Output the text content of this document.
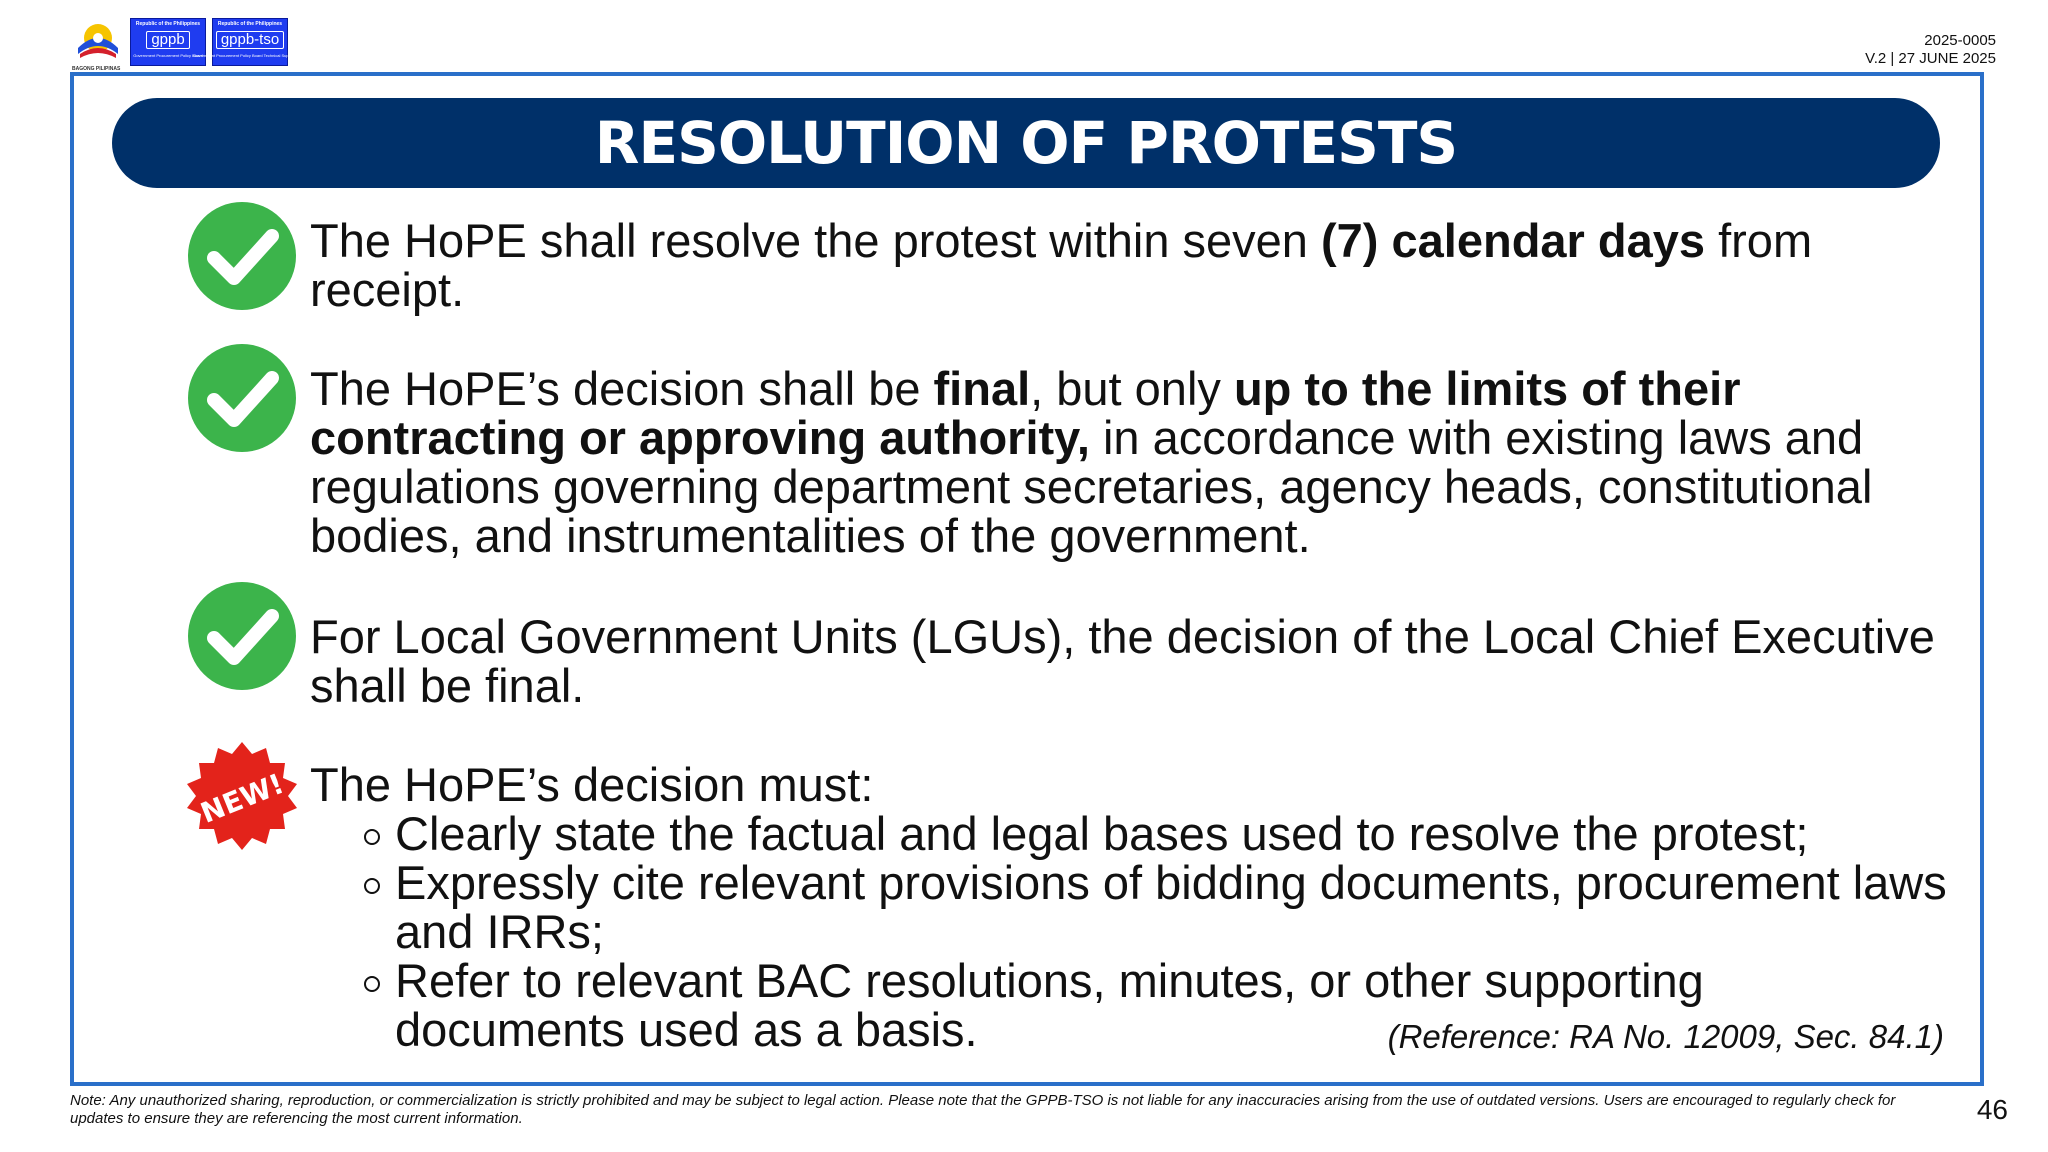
BAGONG PILIPINAS
Republic of the Philippines
gppb
Government Procurement Policy Board
Republic of the Philippines
gppb-tso
Government Procurement Policy Board Technical Support Office
2025-0005
V.2 | 27 JUNE 2025
RESOLUTION OF PROTESTS
The HoPE shall resolve the protest within seven (7) calendar days from receipt.
The HoPE’s decision shall be final, but only up to the limits of their contracting or approving authority, in accordance with existing laws and regulations governing department secretaries, agency heads, constitutional bodies, and instrumentalities of the government.
For Local Government Units (LGUs), the decision of the Local Chief Executive shall be final.
NEW! The HoPE’s decision must:
Clearly state the factual and legal bases used to resolve the protest;
Expressly cite relevant provisions of bidding documents, procurement laws and IRRs;
Refer to relevant BAC resolutions, minutes, or other supporting documents used as a basis.	(Reference: RA No. 12009, Sec. 84.1)
Note: Any unauthorized sharing, reproduction, or commercialization is strictly prohibited and may be subject to legal action. Please note that the GPPB-TSO is not liable for any inaccuracies arising from the use of outdated versions. Users are encouraged to regularly check for updates to ensure they are referencing the most current information.	46
